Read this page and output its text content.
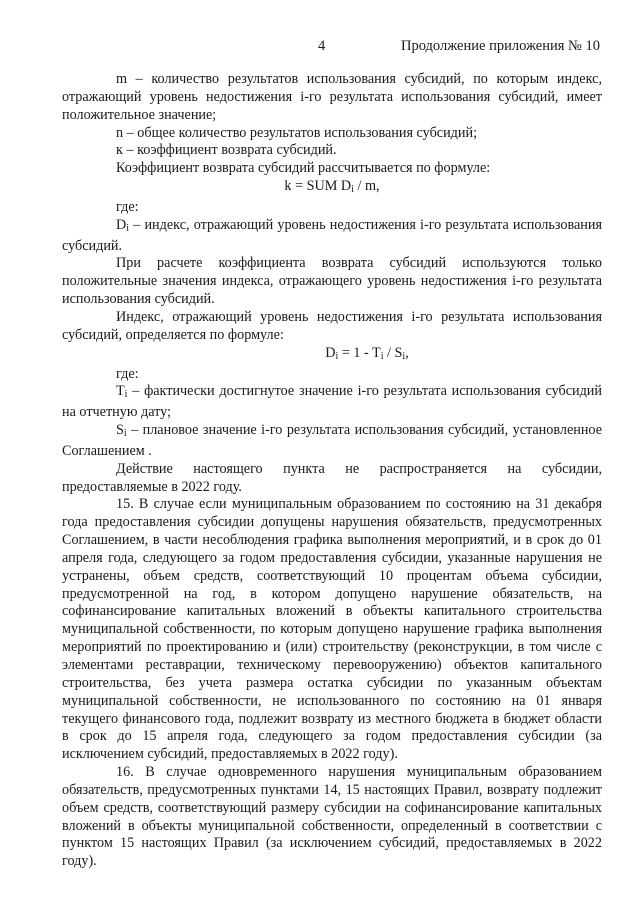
4	Продолжение приложения № 10

m – количество результатов использования субсидий, по которым индекс, отражающий уровень недостижения i-го результата использования субсидий, имеет положительное значение;

n – общее количество результатов использования субсидий;

к – коэффициент возврата субсидий.

Коэффициент возврата субсидий рассчитывается по формуле:

k = SUM $D_i$ / m,

где:

$D_i$ – индекс, отражающий уровень недостижения i-го результата использования субсидий.

При расчете коэффициента возврата субсидий используются только положительные значения индекса, отражающего уровень недостижения i-го результата использования субсидий.

Индекс, отражающий уровень недостижения i-го результата использования субсидий, определяется по формуле:

$D_i = 1 - T_i / S_i$,

где:

$T_i$ – фактически достигнутое значение i-го результата использования субсидий на отчетную дату;

$S_i$ – плановое значение i-го результата использования субсидий, установленное Соглашением .

Действие настоящего пункта не распространяется на субсидии, предоставляемые в 2022 году.

15. В случае если муниципальным образованием по состоянию на 31 декабря года предоставления субсидии допущены нарушения обязательств, предусмотренных Соглашением, в части несоблюдения графика выполнения мероприятий, и в срок до 01 апреля года, следующего за годом предоставления субсидии, указанные нарушения не устранены, объем средств, соответствующий 10 процентам объема субсидии, предусмотренной на год, в котором допущено нарушение обязательств, на софинансирование капитальных вложений в объекты капитального строительства муниципальной собственности, по которым допущено нарушение графика выполнения мероприятий по проектированию и (или) строительству (реконструкции, в том числе с элементами реставрации, техническому перевооружению) объектов капитального строительства, без учета размера остатка субсидии по указанным объектам муниципальной собственности, не использованного по состоянию на 01 января текущего финансового года, подлежит возврату из местного бюджета в бюджет области в срок до 15 апреля года, следующего за годом предоставления субсидии (за исключением субсидий, предоставляемых в 2022 году).

16. В случае одновременного нарушения муниципальным образованием обязательств, предусмотренных пунктами 14, 15 настоящих Правил, возврату подлежит объем средств, соответствующий размеру субсидии на софинансирование капитальных вложений в объекты муниципальной собственности, определенный в соответствии с пунктом 15 настоящих Правил (за исключением субсидий, предоставляемых в 2022 году).
